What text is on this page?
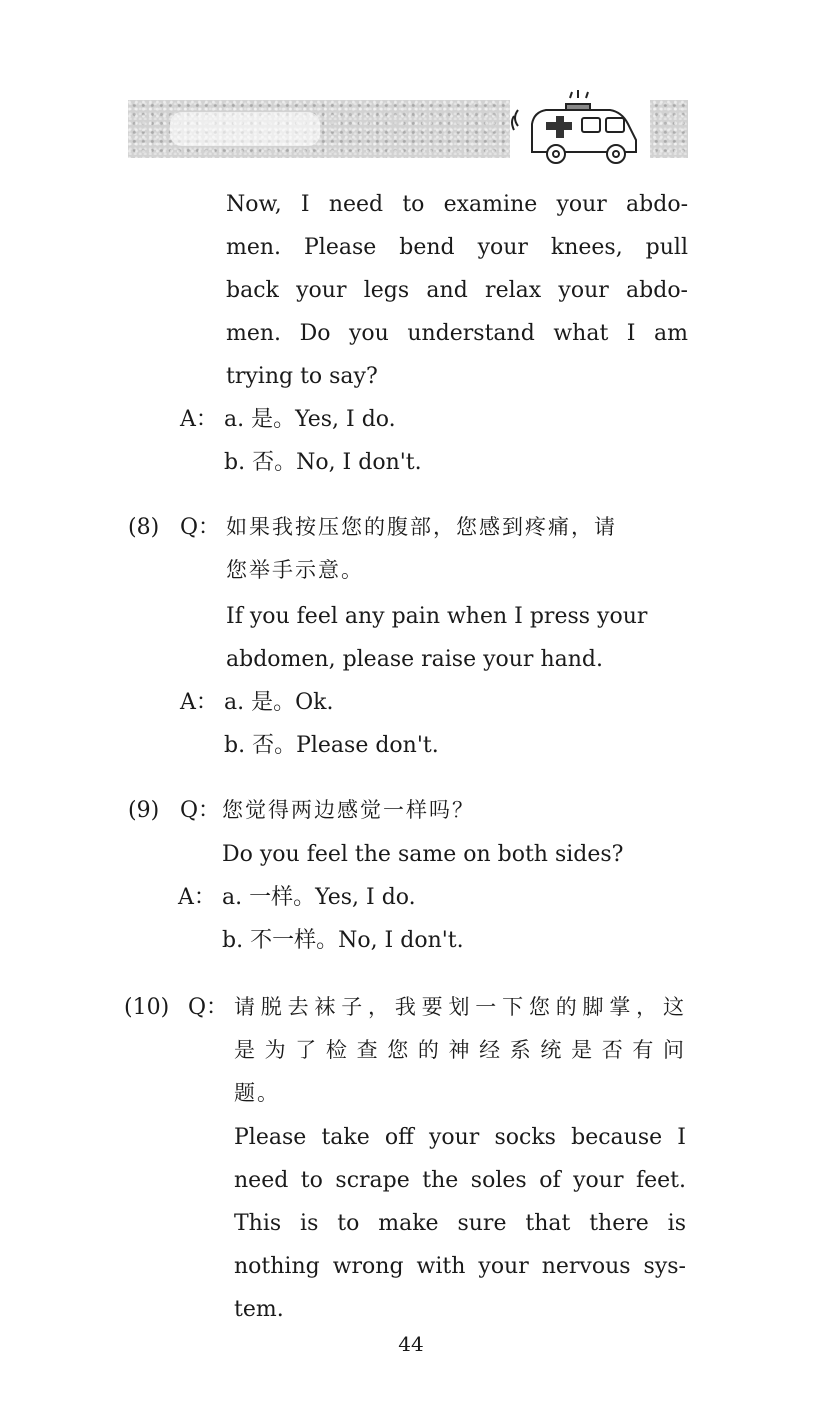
Now, I need to examine your abdo-
men. Please bend your knees, pull
back your legs and relax your abdo-
men. Do you understand what I am
trying to say?
A： a. 是。Yes, I do.
b. 否。No, I don't.
(8) Q： 如果我按压您的腹部，您感到疼痛，请
您举手示意。
If you feel any pain when I press your
abdomen, please raise your hand.
A： a. 是。Ok.
b. 否。Please don't.
(9) Q： 您觉得两边感觉一样吗？
Do you feel the same on both sides?
A： a. 一样。Yes, I do.
b. 不一样。No, I don't.
(10) Q： 请脱去袜子，我要划一下您的脚掌，这
是为了检查您的神经系统是否有问
题。
Please take off your socks because I
need to scrape the soles of your feet.
This is to make sure that there is
nothing wrong with your nervous sys-
tem.
44
